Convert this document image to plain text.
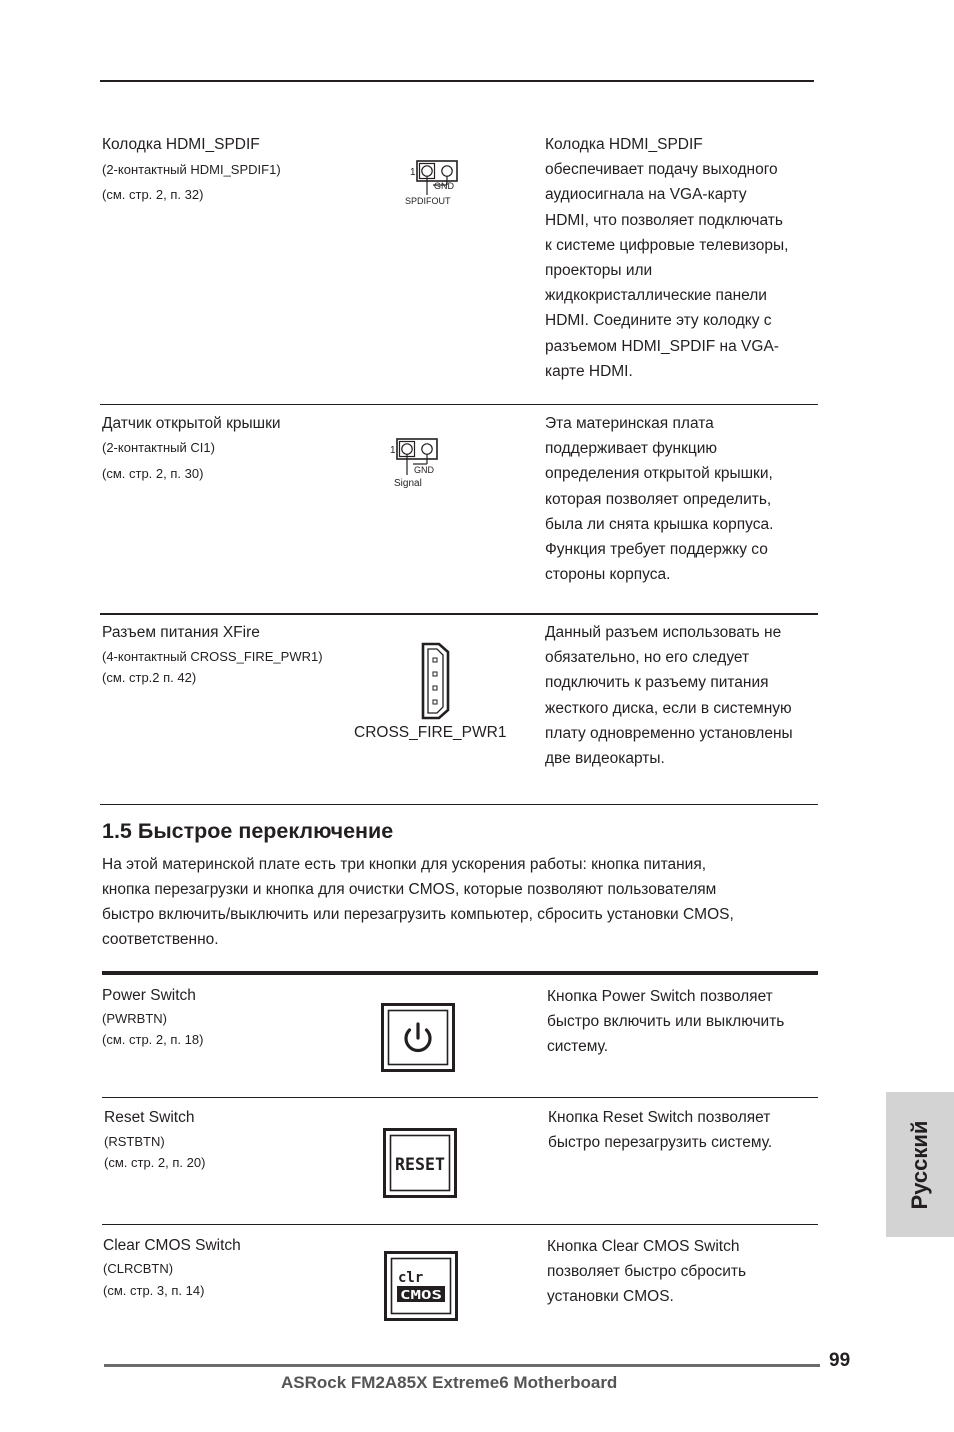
Колодка HDMI_SPDIF
(2-контактный HDMI_SPDIF1)
(см. стр. 2, п. 32)
1
GND
SPDIFOUT
Колодка HDMI_SPDIF
обеспечивает подачу выходного
аудиосигнала на VGA-карту
HDMI, что позволяет подключать
к системе цифровые телевизоры,
проекторы или
жидкокристаллические панели
HDMI. Соедините эту колодку с
разъемом HDMI_SPDIF на VGA-
карте HDMI.
Датчик открытой крышки
(2-контактный CI1)
(см. стр. 2, п. 30)
1
GND
Signal
Эта материнская плата
поддерживает функцию
определения открытой крышки,
которая позволяет определить,
была ли снята крышка корпуса.
Функция требует поддержку со
стороны корпуса.
Разъем питания XFire
(4-контактный CROSS_FIRE_PWR1)
(см. стр.2 п. 42)
CROSS_FIRE_PWR1
Данный разъем использовать не
обязательно, но его следует
подключить к разъему питания
жесткого диска, если в системную
плату одновременно установлены
две видеокарты.
1.5 Быстрое переключение
На этой материнской плате есть три кнопки для ускорения работы: кнопка питания,
кнопка перезагрузки и кнопка для очистки CMOS, которые позволяют пользователям
быстро включить/выключить или перезагрузить компьютер, сбросить установки CMOS,
соответственно.
Power Switch
(PWRBTN)
(см. стр. 2, п. 18)
Кнопка Power Switch позволяет
быстро включить или выключить
систему.
Reset Switch
(RSTBTN)
(см. стр. 2, п. 20)	RESET
Кнопка Reset Switch позволяет
быстро перезагрузить систему.
Clear CMOS Switch
(CLRCBTN)
(см. стр. 3, п. 14)
clr
CMOS
Кнопка Clear CMOS Switch
позволяет быстро сбросить
установки CMOS.
Русский
99
ASRock FM2A85X Extreme6 Motherboard
